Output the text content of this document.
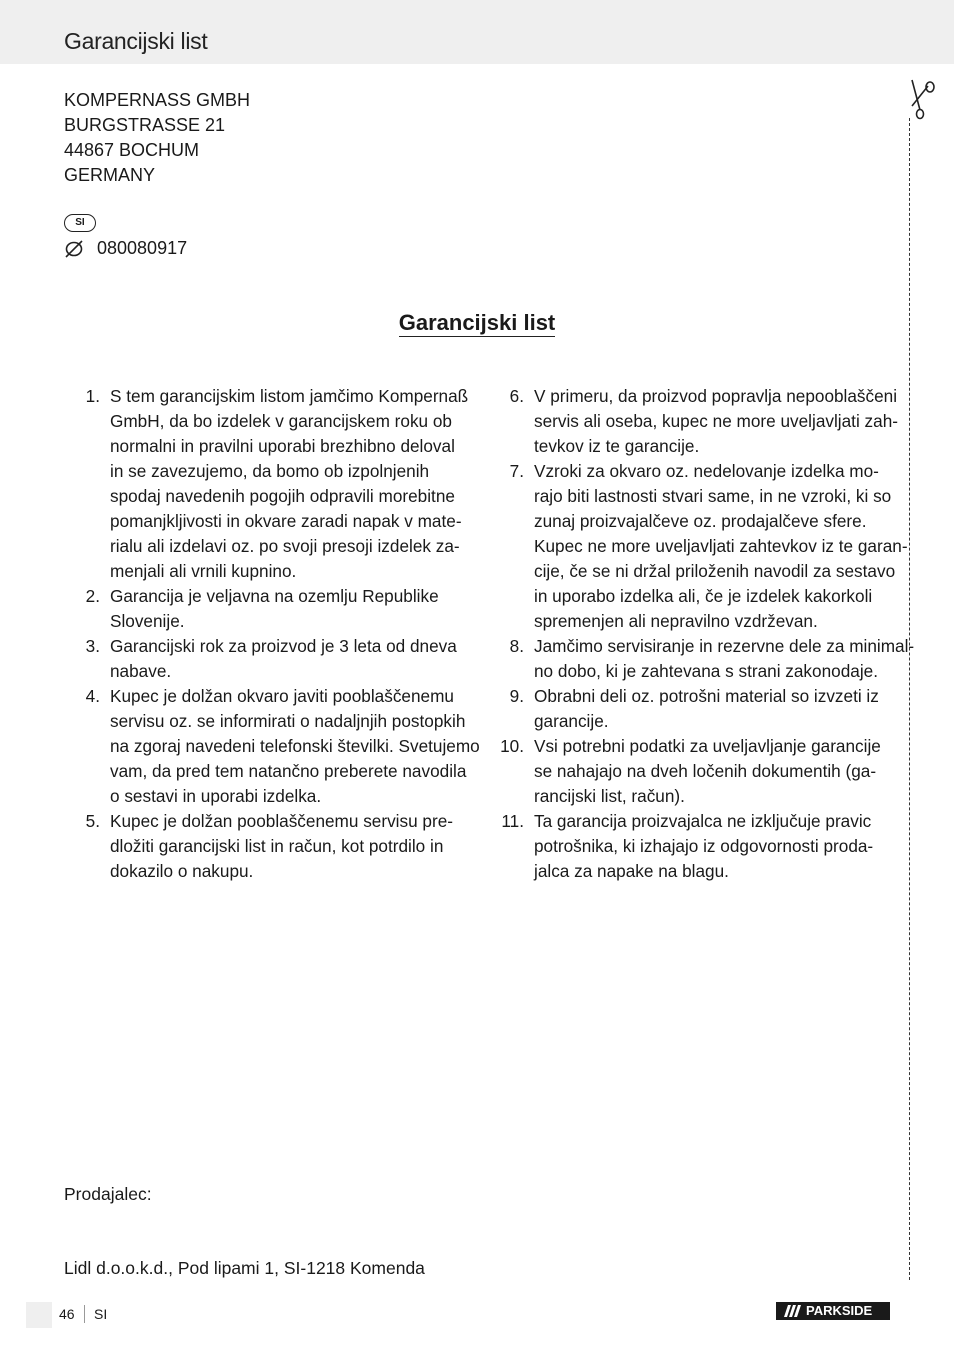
Garancijski list
KOMPERNASS GMBH
BURGSTRASSE 21
44867 BOCHUM
GERMANY
SI
080080917
Garancijski list
1. S tem garancijskim listom jamčimo Kompernaß
GmbH, da bo izdelek v garancijskem roku ob
normalni in pravilni uporabi brezhibno deloval
in se zavezujemo, da bomo ob izpolnjenih
spodaj navedenih pogojih odpravili morebitne
pomanjkljivosti in okvare zaradi napak v mate-
rialu ali izdelavi oz. po svoji presoji izdelek za-
menjali ali vrnili kupnino.
2. Garancija je veljavna na ozemlju Republike
Slovenije.
3. Garancijski rok za proizvod je 3 leta od dneva
nabave.
4. Kupec je dolžan okvaro javiti pooblaščenemu
servisu oz. se informirati o nadaljnjih postopkih
na zgoraj navedeni telefonski številki. Svetujemo
vam, da pred tem natančno preberete navodila
o sestavi in uporabi izdelka.
5. Kupec je dolžan pooblaščenemu servisu pre-
dložiti garancijski list in račun, kot potrdilo in
dokazilo o nakupu.
6. V primeru, da proizvod popravlja nepooblaščeni
servis ali oseba, kupec ne more uveljavljati zah-
tevkov iz te garancije.
7. Vzroki za okvaro oz. nedelovanje izdelka mo-
rajo biti lastnosti stvari same, in ne vzroki, ki so
zunaj proizvajalčeve oz. prodajalčeve sfere.
Kupec ne more uveljavljati zahtevkov iz te garan-
cije, če se ni držal priloženih navodil za sestavo
in uporabo izdelka ali, če je izdelek kakorkoli
spremenjen ali nepravilno vzdrževan.
8. Jamčimo servisiranje in rezervne dele za minimal-
no dobo, ki je zahtevana s strani zakonodaje.
9. Obrabni deli oz. potrošni material so izvzeti iz
garancije.
10. Vsi potrebni podatki za uveljavljanje garancije
se nahajajo na dveh ločenih dokumentih (ga-
rancijski list, račun).
11. Ta garancija proizvajalca ne izključuje pravic
potrošnika, ki izhajajo iz odgovornosti proda-
jalca za napake na blagu.
Prodajalec:
Lidl d.o.o.k.d., Pod lipami 1, SI-1218 Komenda
46 SI	PARKSIDE
